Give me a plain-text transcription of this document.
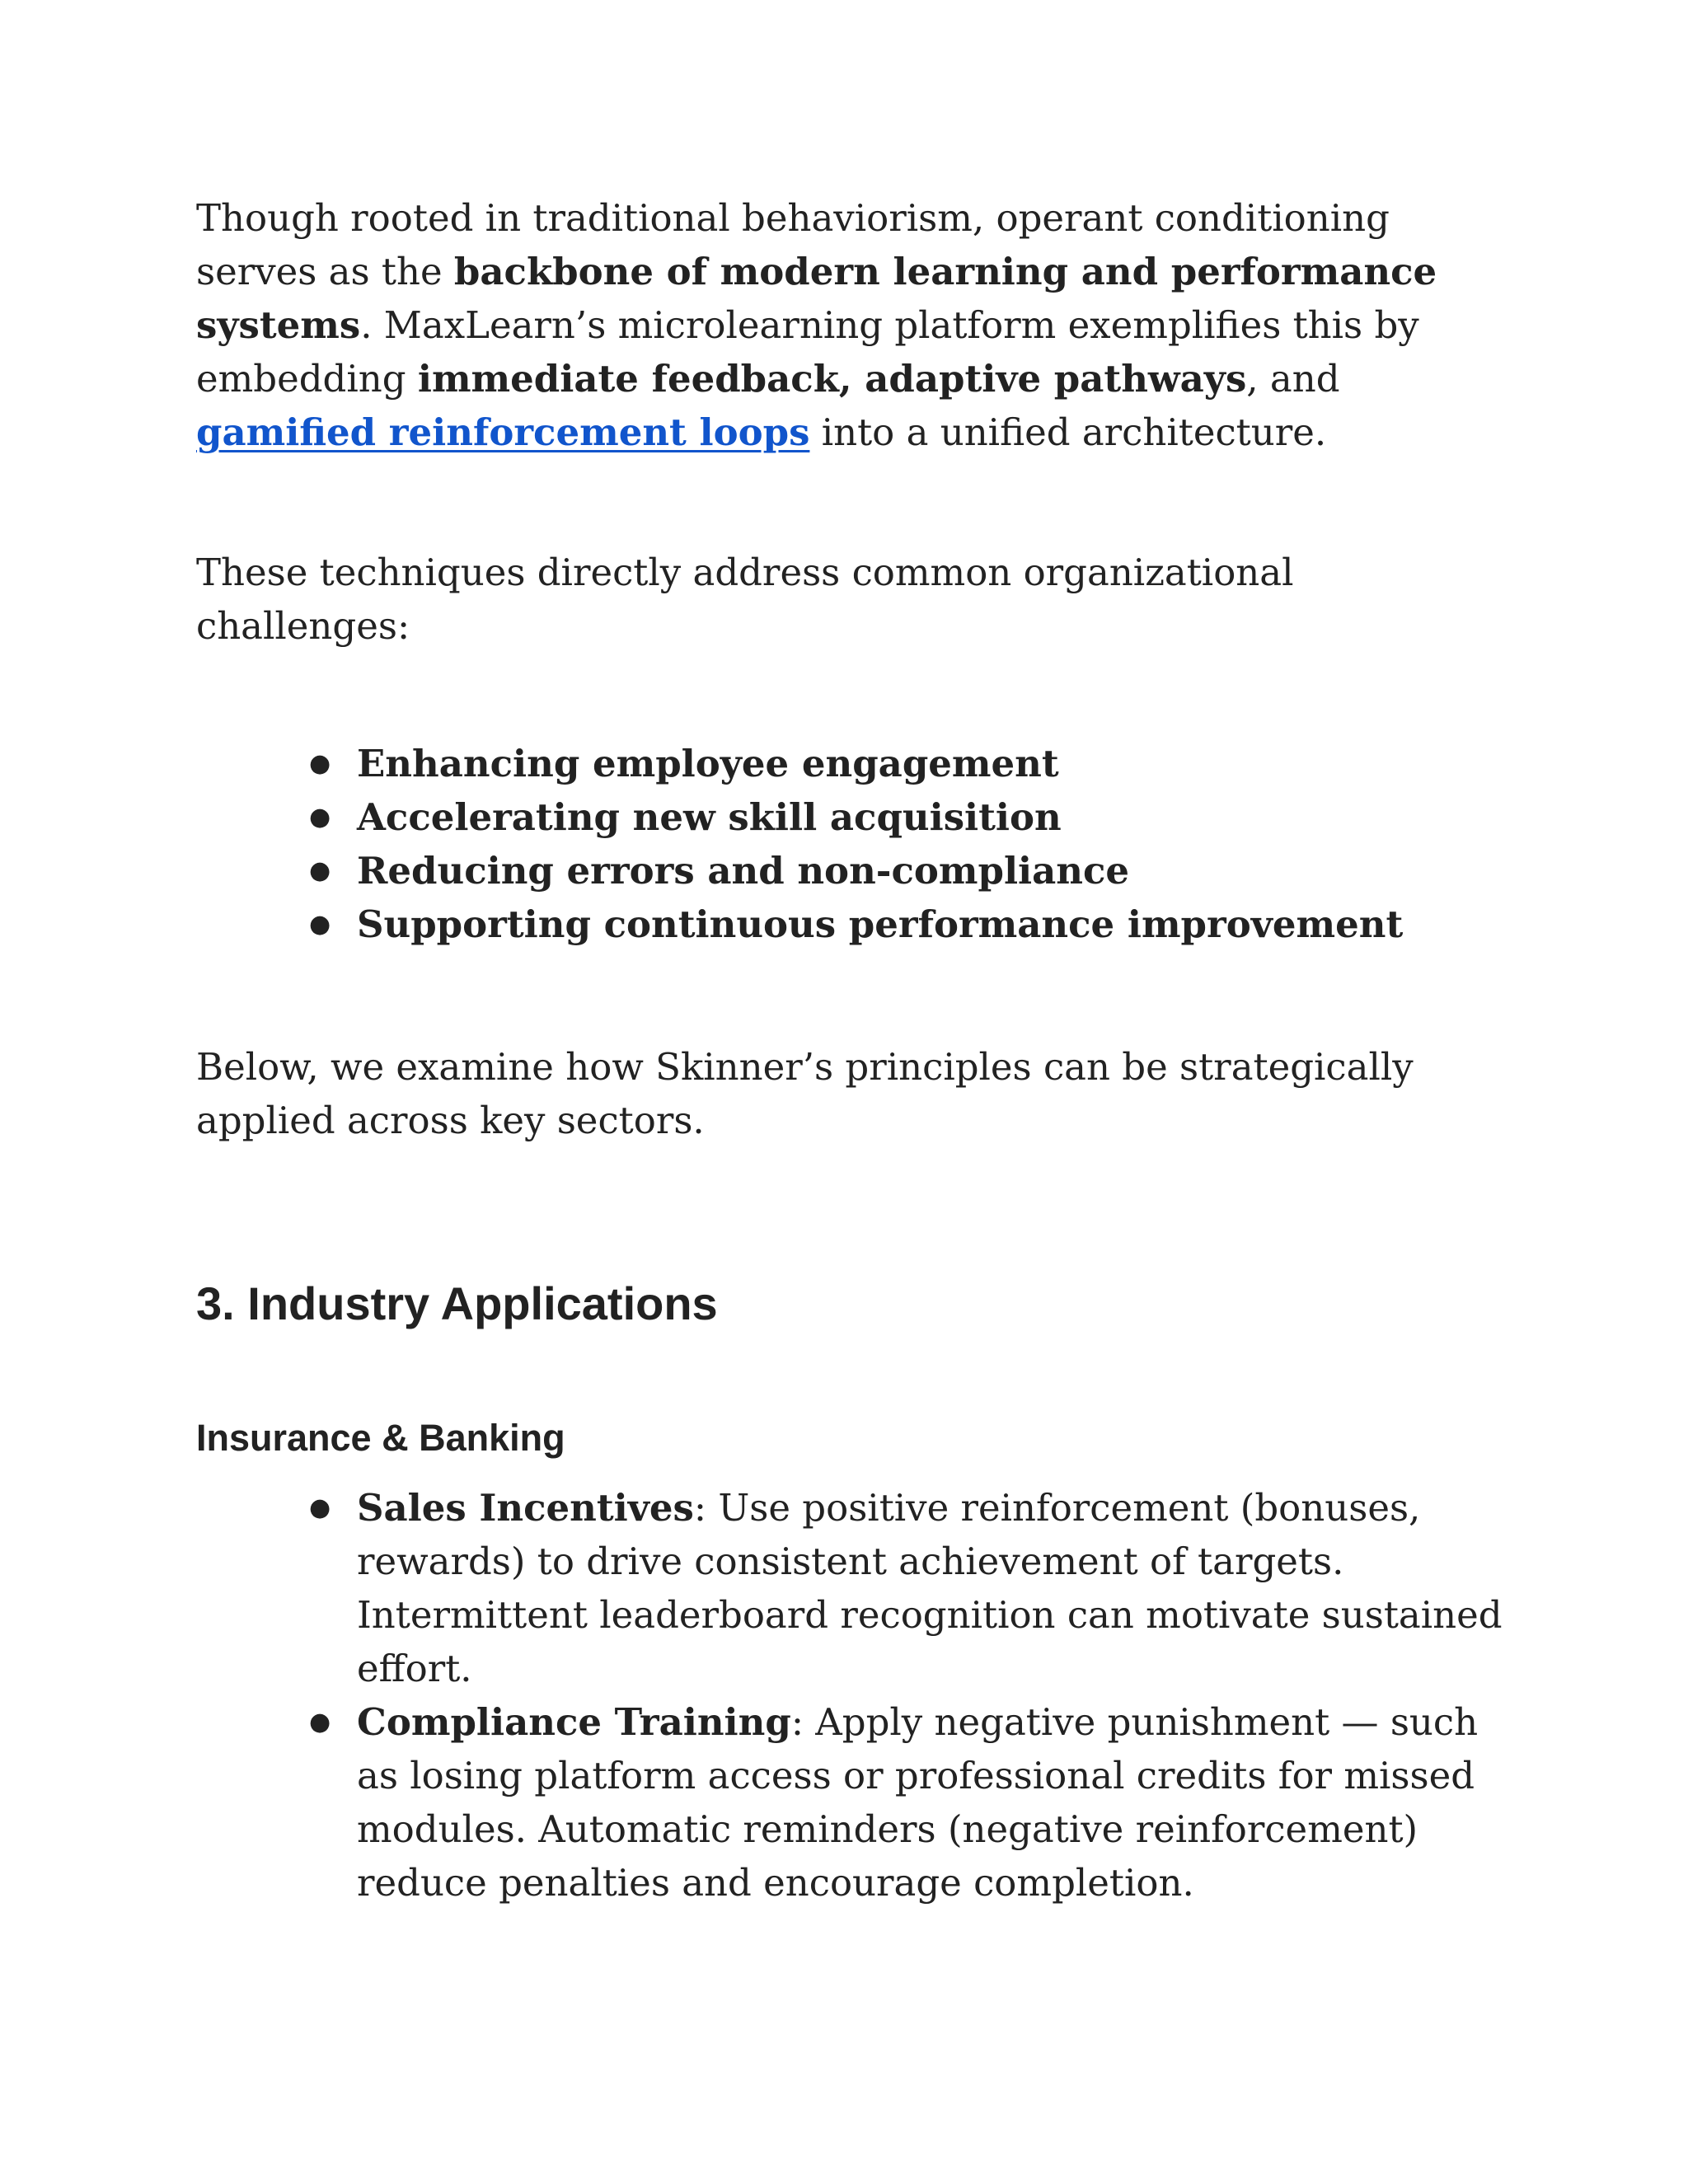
Though rooted in traditional behaviorism, operant conditioning serves as the backbone of modern learning and performance systems. MaxLearn’s microlearning platform exemplifies this by embedding immediate feedback, adaptive pathways, and gamified reinforcement loops into a unified architecture.

These techniques directly address common organizational challenges:

● Enhancing employee engagement
● Accelerating new skill acquisition
● Reducing errors and non-compliance
● Supporting continuous performance improvement

Below, we examine how Skinner’s principles can be strategically applied across key sectors.

3. Industry Applications
Insurance & Banking
● Sales Incentives: Use positive reinforcement (bonuses, rewards) to drive consistent achievement of targets. Intermittent leaderboard recognition can motivate sustained effort.
● Compliance Training: Apply negative punishment — such as losing platform access or professional credits for missed modules. Automatic reminders (negative reinforcement) reduce penalties and encourage completion.
